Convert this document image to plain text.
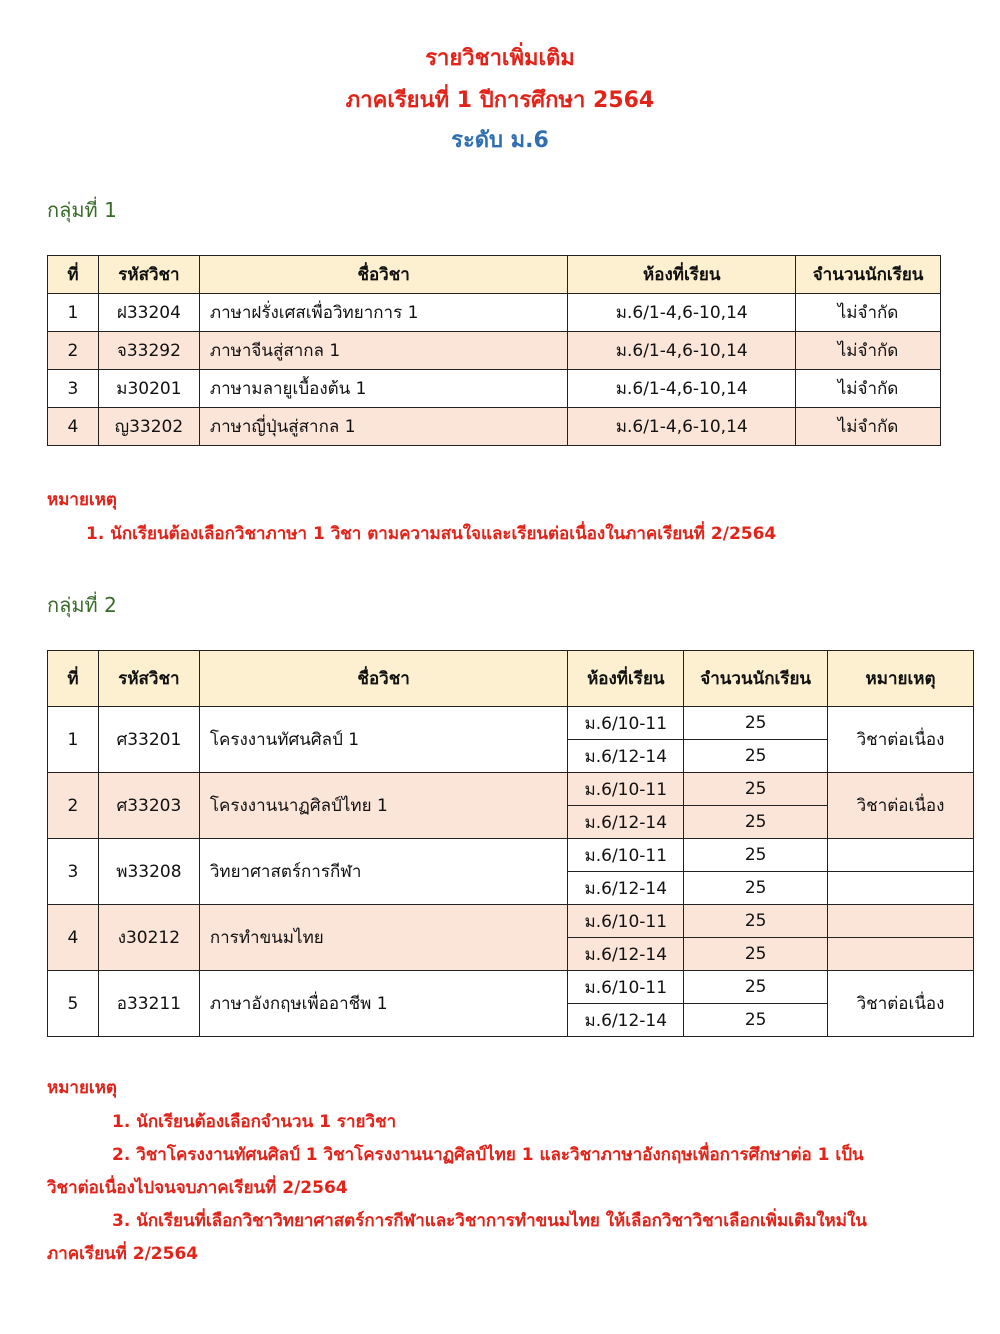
รายวิชาเพิ่มเติม
ภาคเรียนที่ 1 ปีการศึกษา 2564
ระดับ ม.6
กลุ่มที่ 1
ที่	รหัสวิชา	ชื่อวิชา	ห้องที่เรียน	จำนวนนักเรียน
1	ฝ33204	ภาษาฝรั่งเศสเพื่อวิทยาการ 1	ม.6/1-4,6-10,14	ไม่จำกัด
2	จ33292	ภาษาจีนสู่สากล 1	ม.6/1-4,6-10,14	ไม่จำกัด
3	ม30201	ภาษามลายูเบื้องต้น 1	ม.6/1-4,6-10,14	ไม่จำกัด
4	ญ33202	ภาษาญี่ปุ่นสู่สากล 1	ม.6/1-4,6-10,14	ไม่จำกัด
หมายเหตุ
1. นักเรียนต้องเลือกวิชาภาษา 1 วิชา ตามความสนใจและเรียนต่อเนื่องในภาคเรียนที่ 2/2564
กลุ่มที่ 2
ที่	รหัสวิชา	ชื่อวิชา	ห้องที่เรียน	จำนวนนักเรียน	หมายเหตุ
1	ศ33201	โครงงานทัศนศิลป์ 1	ม.6/10-11	25	วิชาต่อเนื่อง
			ม.6/12-14	25	
2	ศ33203	โครงงานนาฏศิลป์ไทย 1	ม.6/10-11	25	วิชาต่อเนื่อง
			ม.6/12-14	25	
3	พ33208	วิทยาศาสตร์การกีฬา	ม.6/10-11	25	
			ม.6/12-14	25	
4	ง30212	การทำขนมไทย	ม.6/10-11	25	
			ม.6/12-14	25	
5	อ33211	ภาษาอังกฤษเพื่ออาชีพ 1	ม.6/10-11	25	วิชาต่อเนื่อง
			ม.6/12-14	25	
หมายเหตุ
1. นักเรียนต้องเลือกจำนวน 1 รายวิชา
2. วิชาโครงงานทัศนศิลป์ 1 วิชาโครงงานนาฏศิลป์ไทย 1 และวิชาภาษาอังกฤษเพื่อการศึกษาต่อ 1 เป็น
วิชาต่อเนื่องไปจนจบภาคเรียนที่ 2/2564
3. นักเรียนที่เลือกวิชาวิทยาศาสตร์การกีฬาและวิชาการทำขนมไทย ให้เลือกวิชาวิชาเลือกเพิ่มเติมใหม่ใน
ภาคเรียนที่ 2/2564
